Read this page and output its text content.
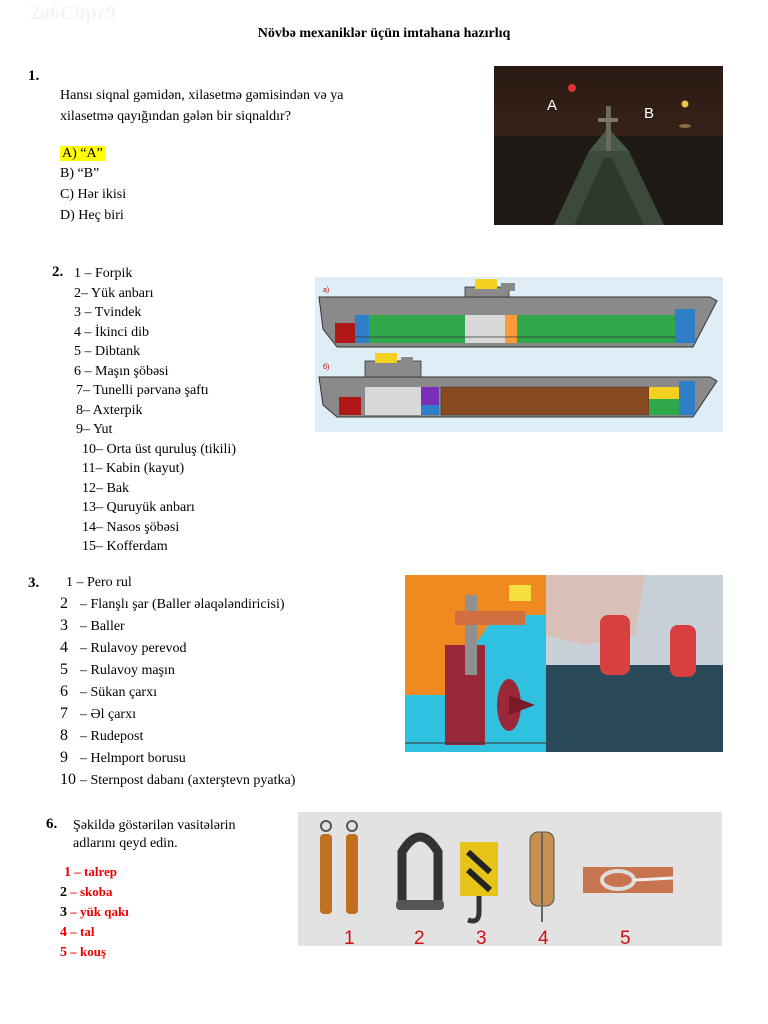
2a6Cbpz9
Növbə mexaniklər üçün imtahana hazırlıq
1.
Hansı siqnal gəmidən, xilasetmə gəmisindən və ya
xilasetmə qayığından gələn bir siqnaldır?
A) “A”
B) “B”
C) Hər ikisi
D) Heç biri
A	B
2. 1 – Forpik
2– Yük anbarı
3 – Tvindek
4 – İkinci dib
5 – Dibtank
6 – Maşın şöbəsi
7– Tunelli pərvanə şaftı
8– Axterpik
9– Yut
10– Orta üst quruluş (tikili)
11– Kabin (kayut)
12– Bak
13– Quruyük anbarı
14– Nasos şöbəsi
15– Kofferdam
a)
б)
3. 1 – Pero rul
2 – Flanşlı şar (Baller əlaqələndiricisi)
3 – Baller
4 – Rulavoy perevod
5 – Rulavoy maşın
6 – Sükan çarxı
7 – Əl çarxı
8 – Rudepost
9 – Helmport borusu
10 – Sternpost dabanı (axterştevn pyatka)
6. Şəkildə göstərilən vasitələrin
adlarını qeyd edin.
1 – talrep
2 – skoba
3 – yük qakı
4 – tal
5 – kouş
1	2	3	4	5
